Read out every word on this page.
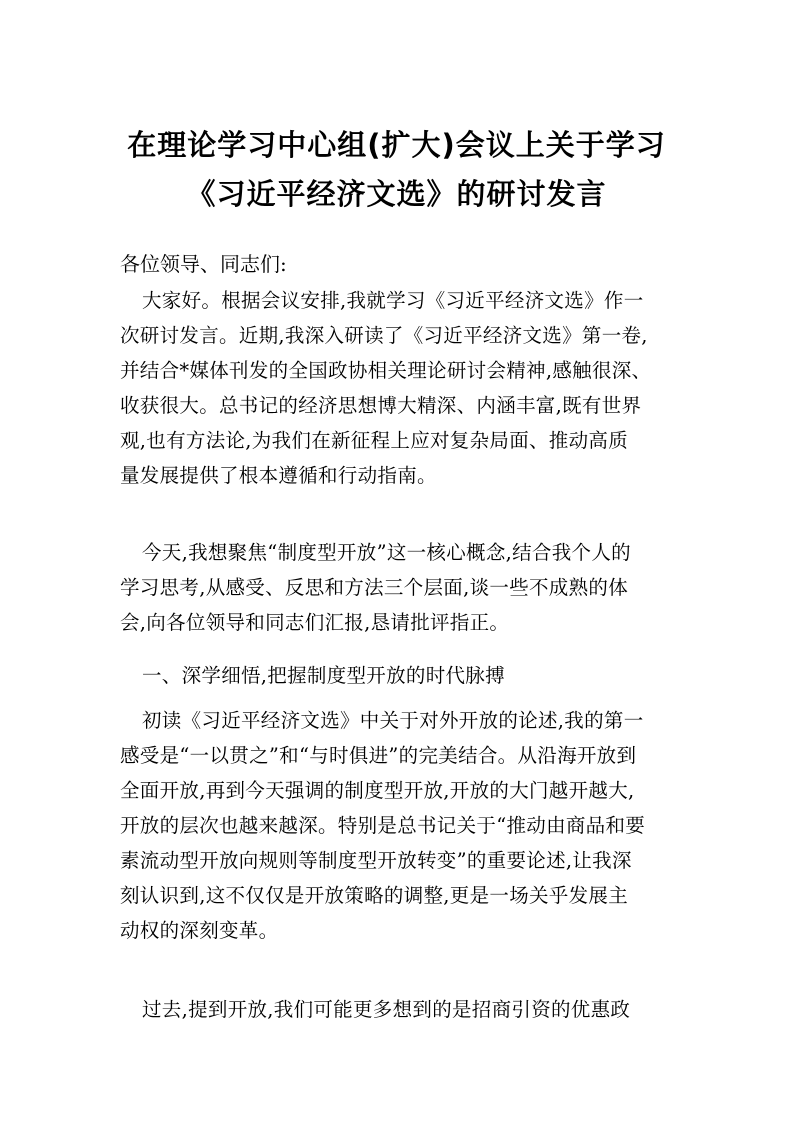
在理论学习中心组(扩大)会议上关于学习
《习近平经济文选》的研讨发言
各位领导、同志们:
大家好。根据会议安排,我就学习《习近平经济文选》作一
次研讨发言。近期,我深入研读了《习近平经济文选》第一卷,
并结合*媒体刊发的全国政协相关理论研讨会精神,感触很深、
收获很大。总书记的经济思想博大精深、内涵丰富,既有世界
观,也有方法论,为我们在新征程上应对复杂局面、推动高质
量发展提供了根本遵循和行动指南。
今天,我想聚焦“制度型开放”这一核心概念,结合我个人的
学习思考,从感受、反思和方法三个层面,谈一些不成熟的体
会,向各位领导和同志们汇报,恳请批评指正。
一、深学细悟,把握制度型开放的时代脉搏
初读《习近平经济文选》中关于对外开放的论述,我的第一
感受是“一以贯之”和“与时俱进”的完美结合。从沿海开放到
全面开放,再到今天强调的制度型开放,开放的大门越开越大,
开放的层次也越来越深。特别是总书记关于“推动由商品和要
素流动型开放向规则等制度型开放转变”的重要论述,让我深
刻认识到,这不仅仅是开放策略的调整,更是一场关乎发展主
动权的深刻变革。
过去,提到开放,我们可能更多想到的是招商引资的优惠政
